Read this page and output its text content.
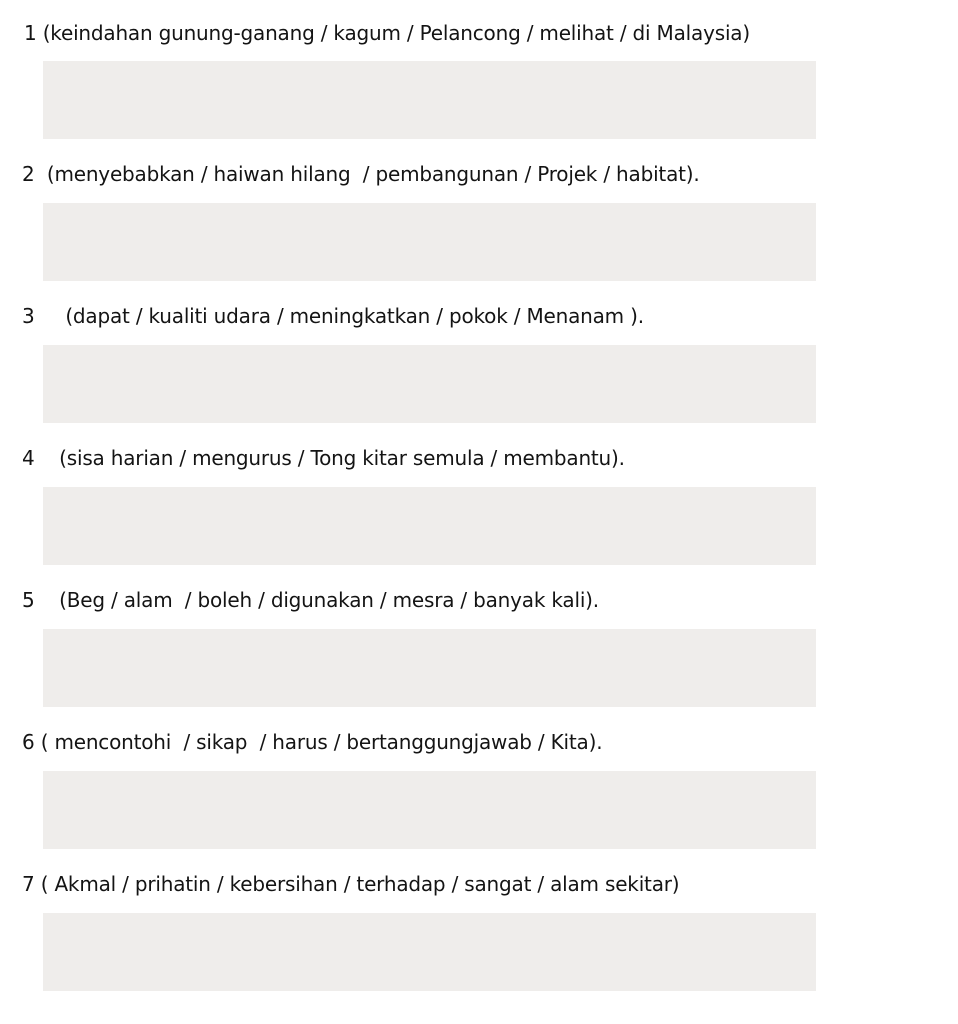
1 (keindahan gunung-ganang / kagum / Pelancong / melihat / di Malaysia)
2  (menyebabkan / haiwan hilang  / pembangunan / Projek / habitat).
3     (dapat / kualiti udara / meningkatkan / pokok / Menanam ).
4    (sisa harian / mengurus / Tong kitar semula / membantu).
5    (Beg / alam  / boleh / digunakan / mesra / banyak kali).
6 ( mencontohi  / sikap  / harus / bertanggungjawab / Kita).
7 ( Akmal / prihatin / kebersihan / terhadap / sangat / alam sekitar)
